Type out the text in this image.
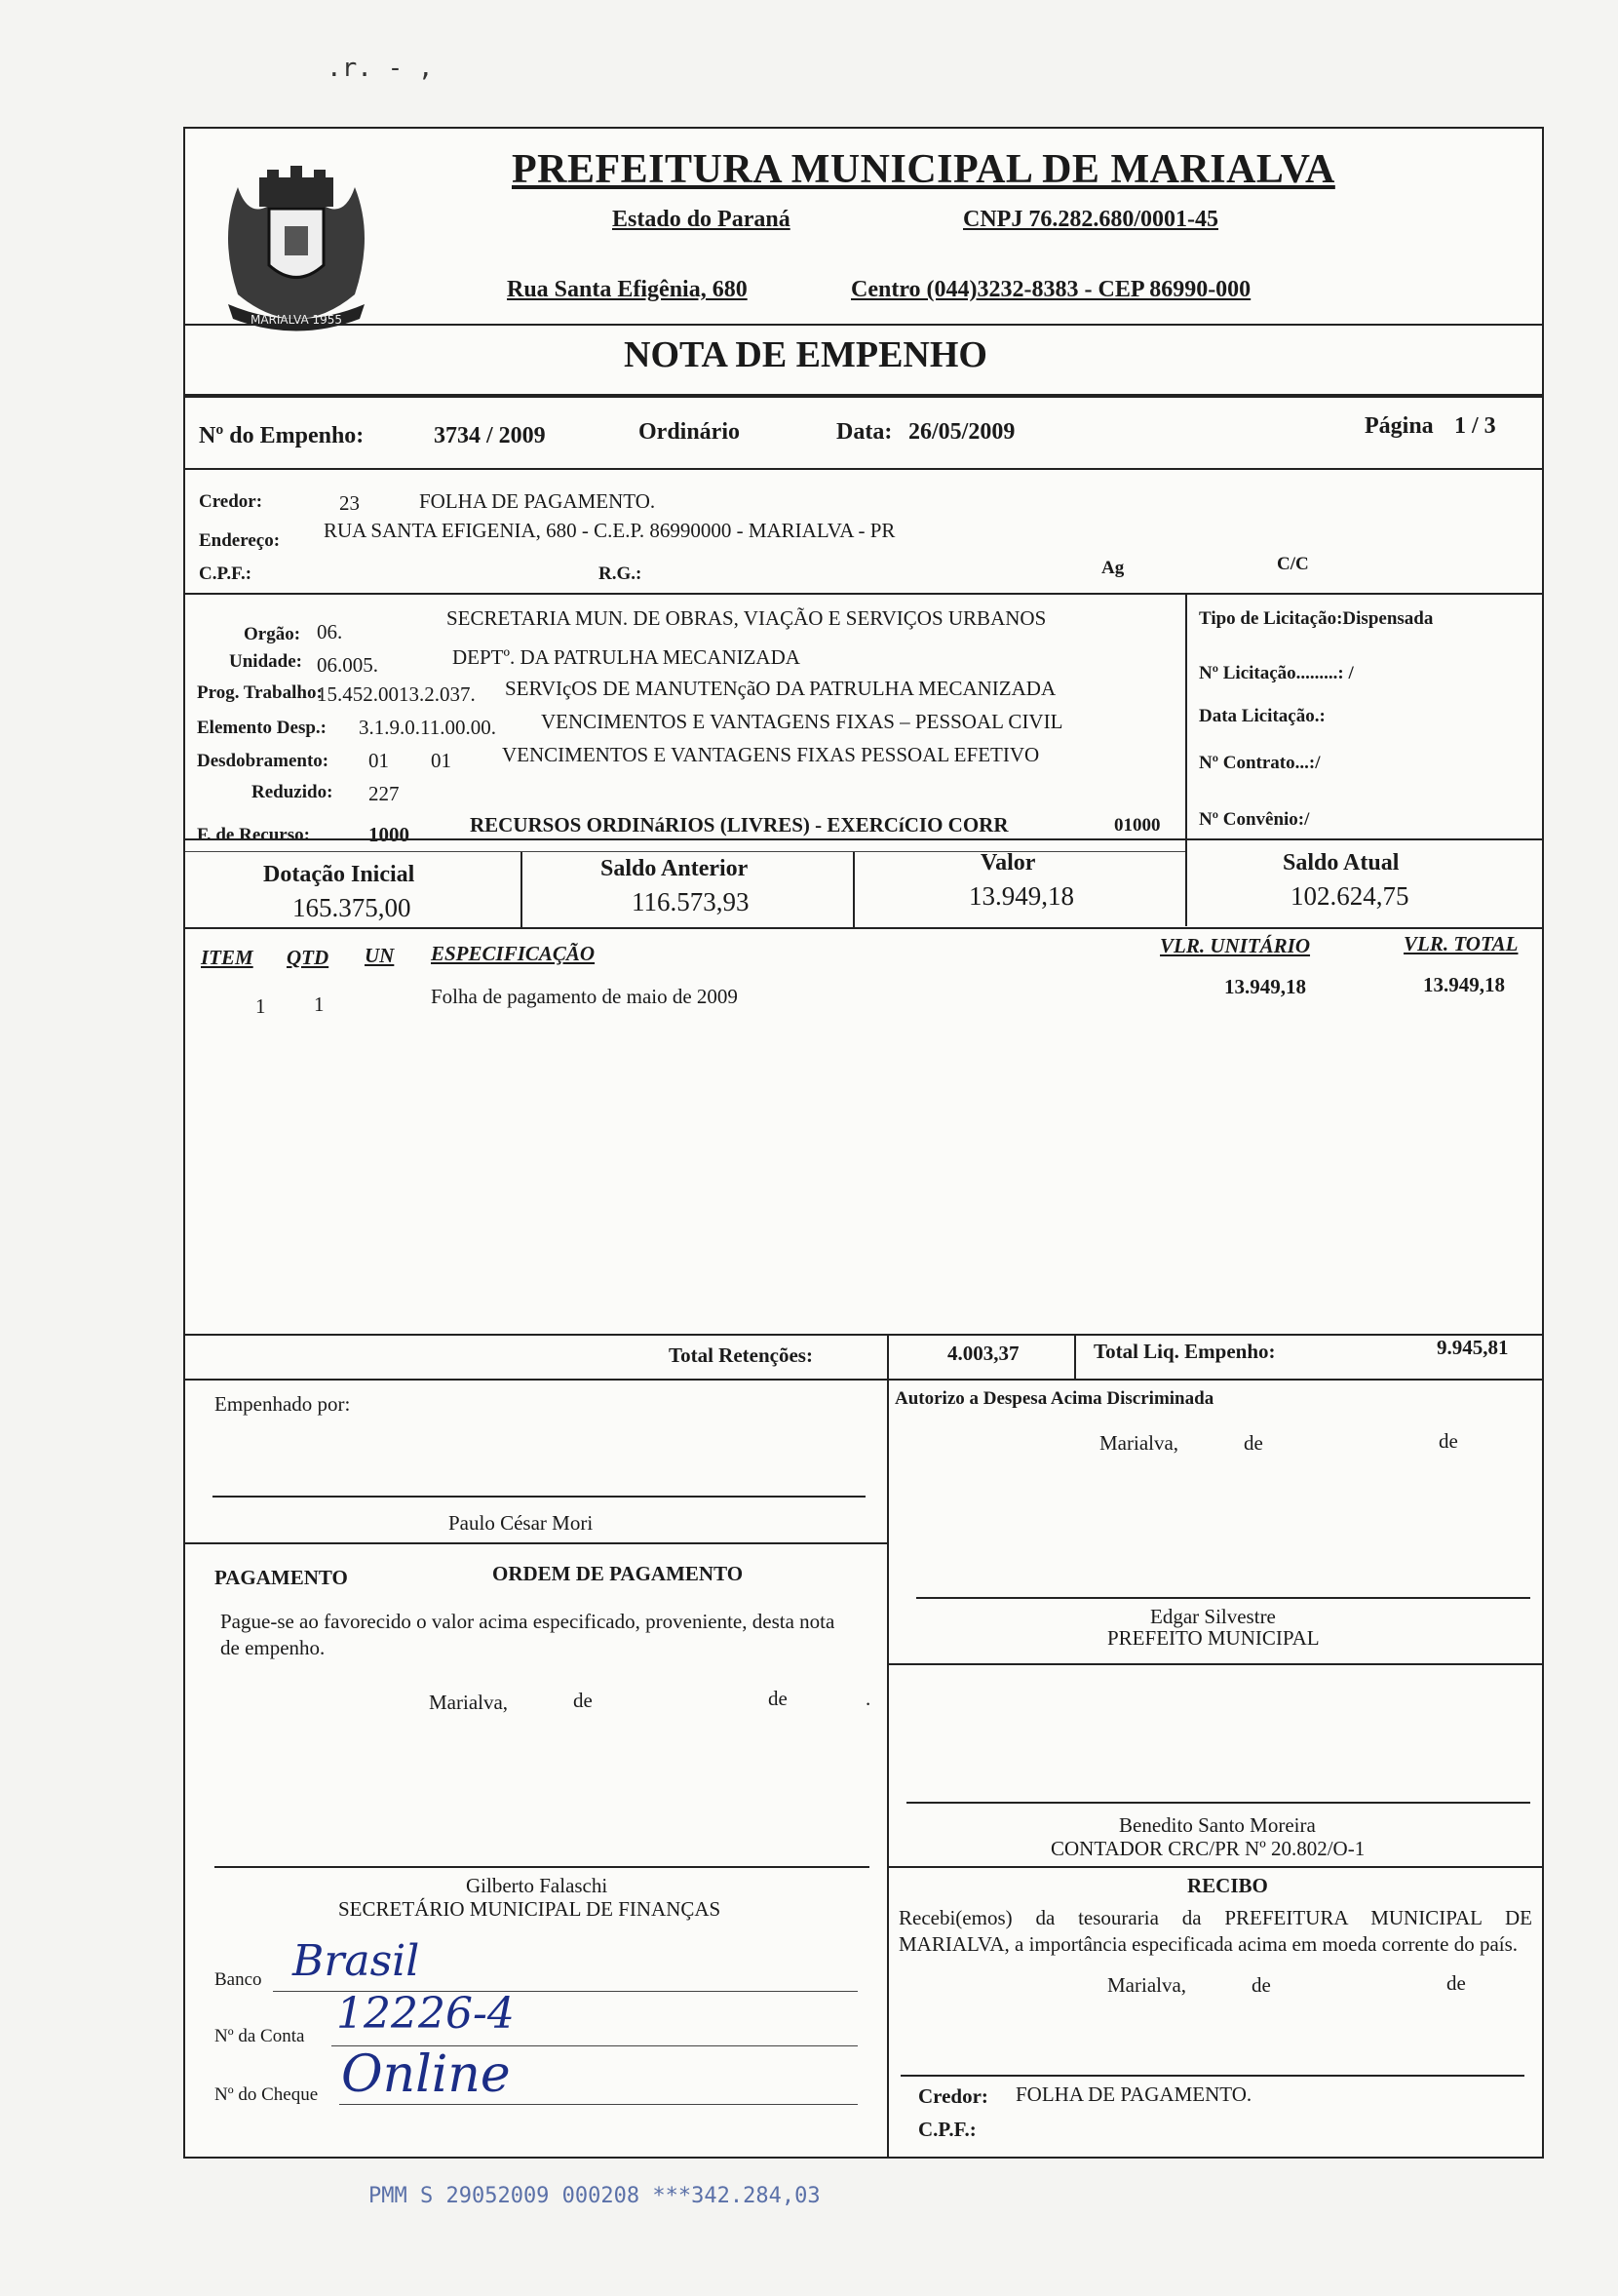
.r. - ,
MARIALVA 1955
PREFEITURA MUNICIPAL DE MARIALVA
Estado do Paraná	CNPJ 76.282.680/0001-45
Rua Santa Efigênia, 680	Centro (044)3232-8383 - CEP 86990-000
NOTA DE EMPENHO
Nº do Empenho:	3734 / 2009	Ordinário	Data: 26/05/2009	Página 1 / 3
Credor:	23	FOLHA DE PAGAMENTO.
Endereço: RUA SANTA EFIGENIA, 680 - C.E.P. 86990000 - MARIALVA - PR
C.P.F.:	R.G.:	Ag	C/C
Orgão: 06.
SECRETARIA MUN. DE OBRAS, VIAÇÃO E SERVIÇOS URBANOS
Unidade: 06.005.	DEPTº. DA PATRULHA MECANIZADA
Prog. Trabalho:
15.452.0013.2.037. SERVIçOS DE MANUTENçãO DA PATRULHA MECANIZADA
Elemento Desp.: 3.1.9.0.11.00.00. VENCIMENTOS E VANTAGENS FIXAS – PESSOAL CIVIL
Desdobramento: 01 01 VENCIMENTOS E VANTAGENS FIXAS PESSOAL EFETIVO
Reduzido: 227
F. de Recurso:	1000	RECURSOS ORDINáRIOS (LIVRES) - EXERCíCIO CORR	01000
Tipo de Licitação:Dispensada
Nº Licitação.........: /
Data Licitação.:
Nº Contrato...:/
Nº Convênio:/
Dotação Inicial
165.375,00
Saldo Anterior
116.573,93
Valor
13.949,18
Saldo Atual
102.624,75
ITEM QTD UN ESPECIFICAÇÃO	VLR. UNITÁRIO	VLR. TOTAL
1 1	Folha de pagamento de maio de 2009	13.949,18	13.949,18
Total Retenções:	4.003,37	Total Liq. Empenho:	9.945,81
Empenhado por:
Paulo César Mori
Autorizo a Despesa Acima Discriminada
Marialva,	de	de
Edgar Silvestre
PREFEITO MUNICIPAL
PAGAMENTO	ORDEM DE PAGAMENTO
Pague-se ao favorecido o valor acima especificado, proveniente, desta nota de empenho.
Marialva,	de	de	.
Benedito Santo Moreira
CONTADOR CRC/PR Nº 20.802/O-1
RECIBO
Recebi(emos) da tesouraria da PREFEITURA MUNICIPAL DE MARIALVA, a importância especificada acima em moeda corrente do país.
Marialva,	de	de
Gilberto Falaschi
SECRETÁRIO MUNICIPAL DE FINANÇAS
Banco Brasil
Nº da Conta 12226-4
Nº do Cheque Online	Credor: FOLHA DE PAGAMENTO.
C.P.F.:
PMM S 29052009 000208 ***342.284,03
